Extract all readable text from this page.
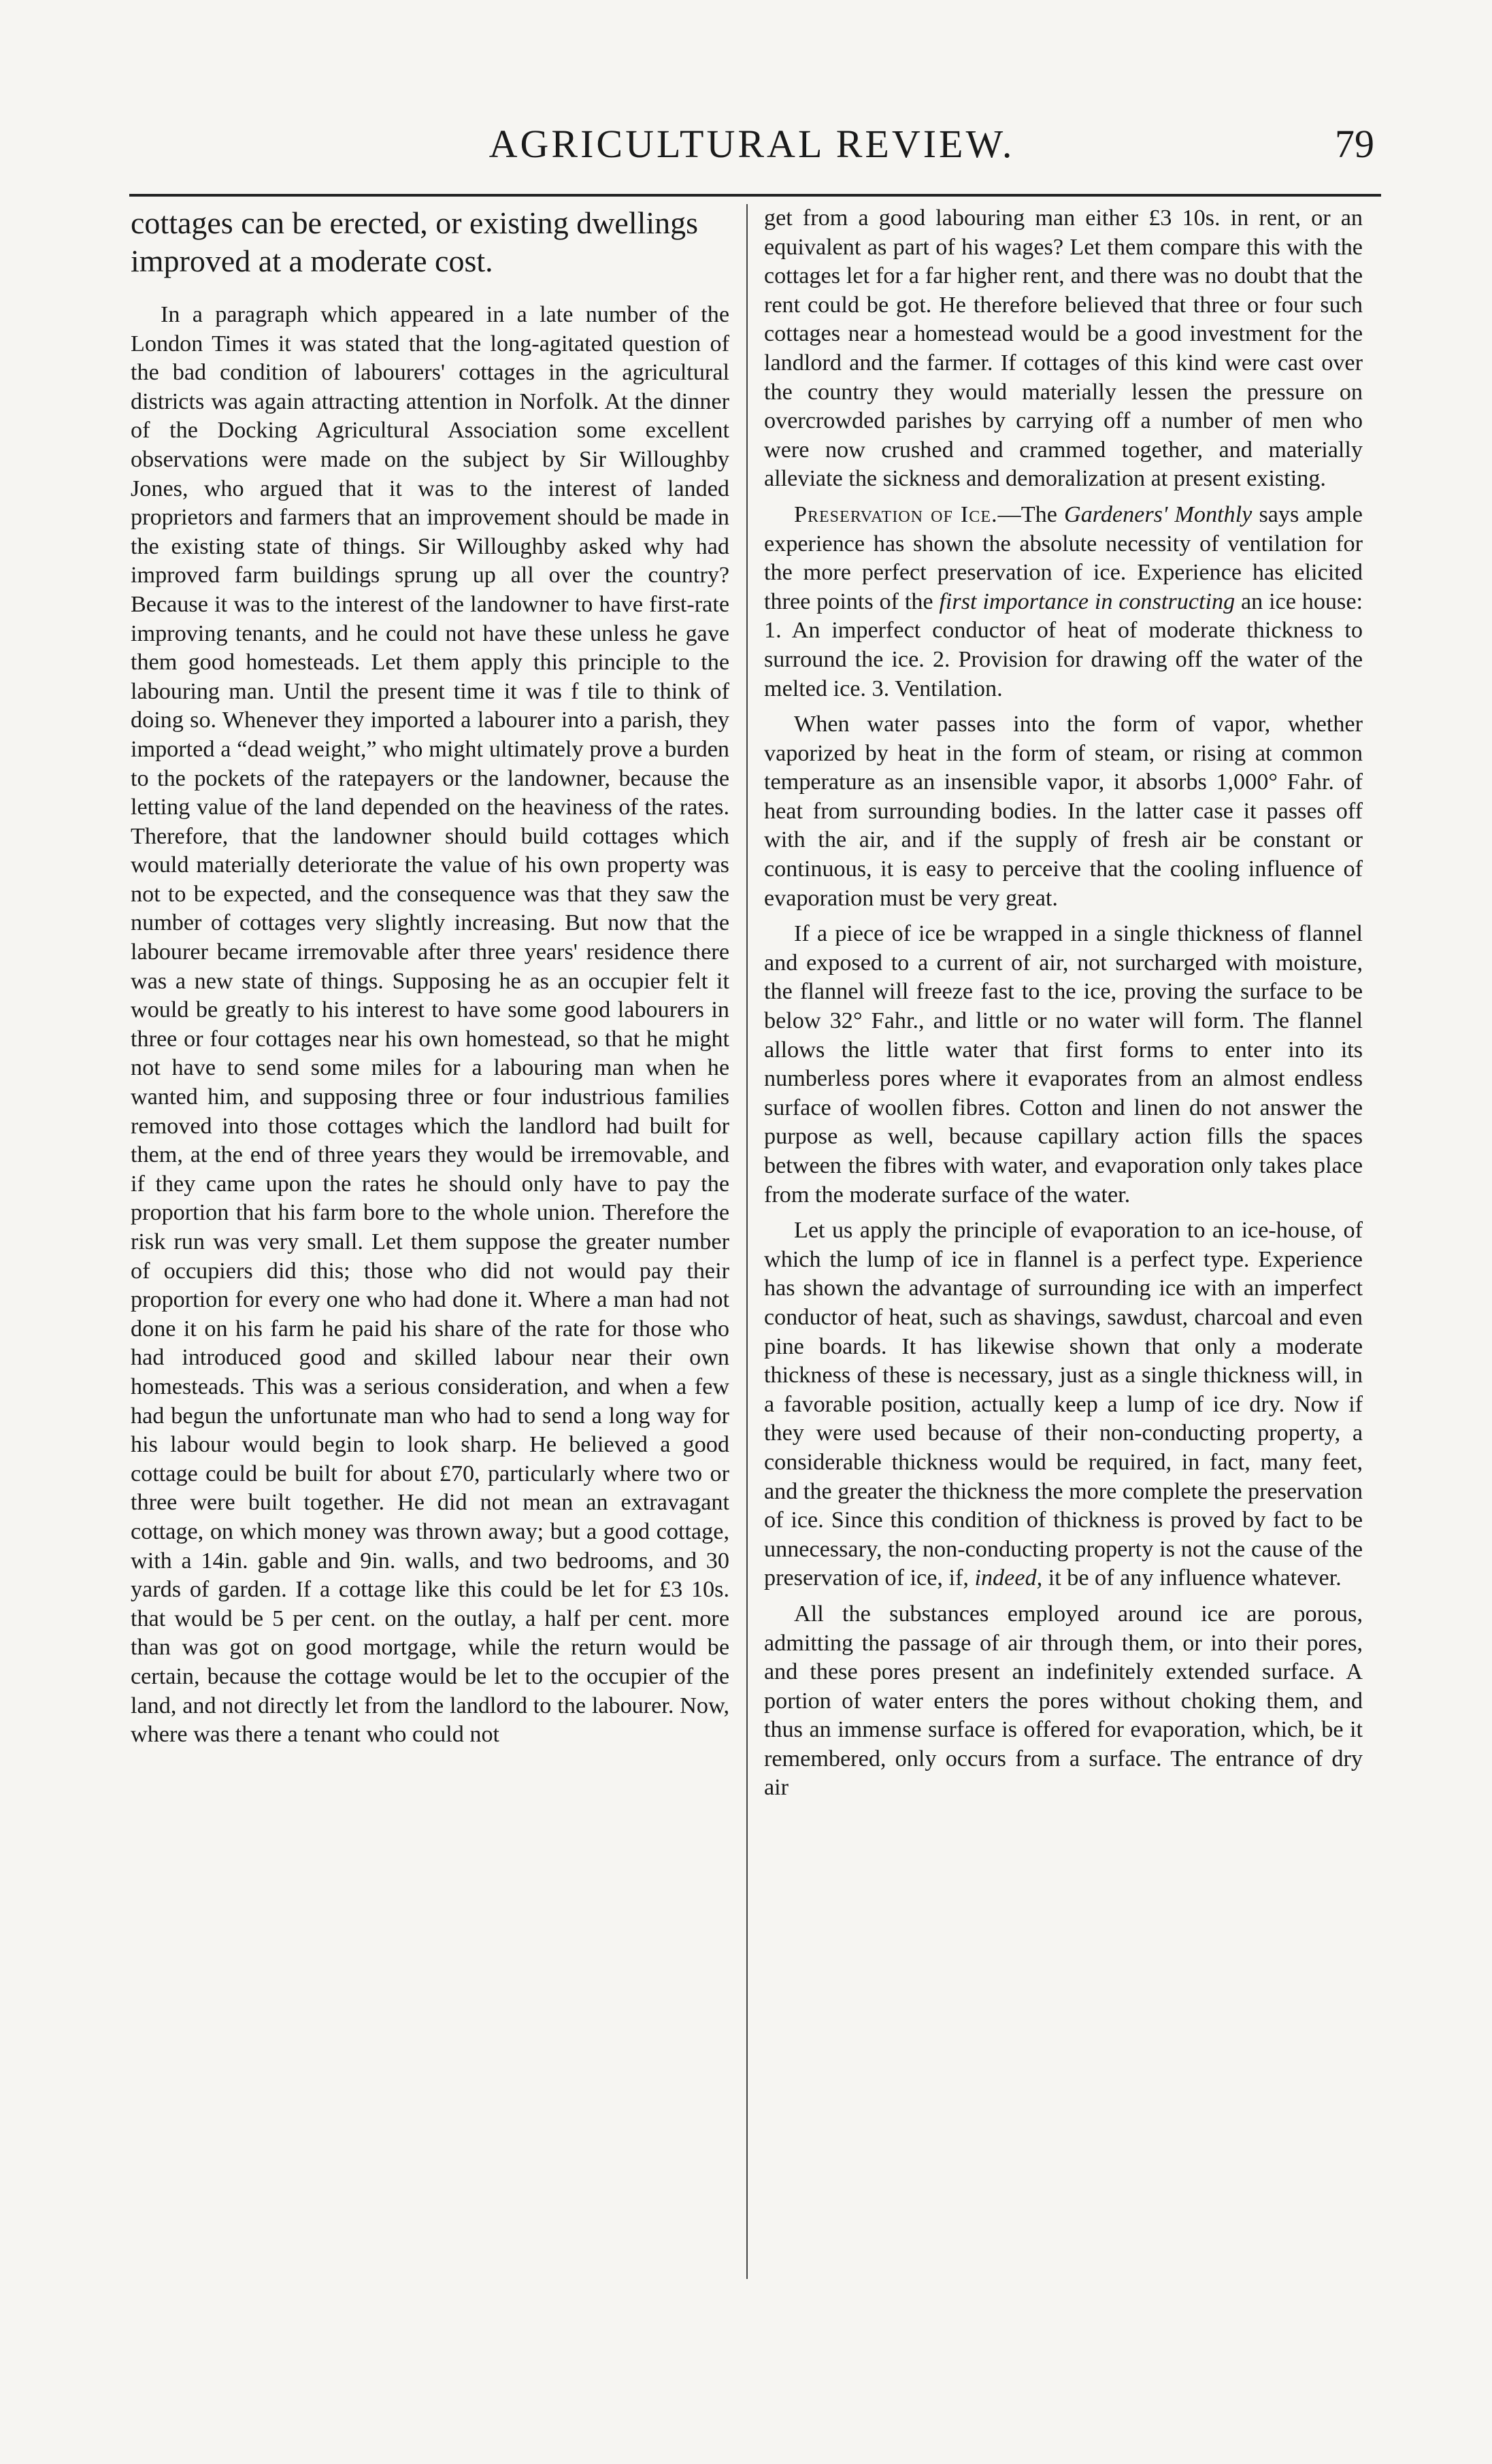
AGRICULTURAL REVIEW.	79

cottages can be erected, or existing dwellings improved at a moderate cost.

In a paragraph which appeared in a late number of the London Times it was stated that the long-agitated question of the bad condition of labourers' cottages in the agricultural districts was again attracting attention in Norfolk. At the dinner of the Docking Agricultural Association some excellent observations were made on the subject by Sir Willoughby Jones, who argued that it was to the interest of landed proprietors and farmers that an improvement should be made in the existing state of things. Sir Willoughby asked why had improved farm buildings sprung up all over the country? Because it was to the interest of the landowner to have first-rate improving tenants, and he could not have these unless he gave them good homesteads. Let them apply this principle to the labouring man. Until the present time it was f tile to think of doing so. Whenever they imported a labourer into a parish, they imported a “dead weight,” who might ultimately prove a burden to the pockets of the ratepayers or the landowner, because the letting value of the land depended on the heaviness of the rates. Therefore, that the landowner should build cottages which would materially deteriorate the value of his own property was not to be expected, and the consequence was that they saw the number of cottages very slightly increasing. But now that the labourer became irremovable after three years' residence there was a new state of things. Supposing he as an occupier felt it would be greatly to his interest to have some good labourers in three or four cottages near his own homestead, so that he might not have to send some miles for a labouring man when he wanted him, and supposing three or four industrious families removed into those cottages which the landlord had built for them, at the end of three years they would be irremovable, and if they came upon the rates he should only have to pay the proportion that his farm bore to the whole union. Therefore the risk run was very small. Let them suppose the greater number of occupiers did this; those who did not would pay their proportion for every one who had done it. Where a man had not done it on his farm he paid his share of the rate for those who had introduced good and skilled labour near their own homesteads. This was a serious consideration, and when a few had begun the unfortunate man who had to send a long way for his labour would begin to look sharp. He believed a good cottage could be built for about £70, particularly where two or three were built together. He did not mean an extravagant cottage, on which money was thrown away; but a good cottage, with a 14in. gable and 9in. walls, and two bedrooms, and 30 yards of garden. If a cottage like this could be let for £3 10s. that would be 5 per cent. on the outlay, a half per cent. more than was got on good mortgage, while the return would be certain, because the cottage would be let to the occupier of the land, and not directly let from the landlord to the labourer. Now, where was there a tenant who could not

get from a good labouring man either £3 10s. in rent, or an equivalent as part of his wages? Let them compare this with the cottages let for a far higher rent, and there was no doubt that the rent could be got. He therefore believed that three or four such cottages near a homestead would be a good investment for the landlord and the farmer. If cottages of this kind were cast over the country they would materially lessen the pressure on overcrowded parishes by carrying off a number of men who were now crushed and crammed together, and materially alleviate the sickness and demoralization at present existing.

Preservation of Ice.—The Gardeners' Monthly says ample experience has shown the absolute necessity of ventilation for the more perfect preservation of ice. Experience has elicited three points of the first importance in constructing an ice house: 1. An imperfect conductor of heat of moderate thickness to surround the ice. 2. Provision for drawing off the water of the melted ice. 3. Ventilation.

When water passes into the form of vapor, whether vaporized by heat in the form of steam, or rising at common temperature as an insensible vapor, it absorbs 1,000° Fahr. of heat from surrounding bodies. In the latter case it passes off with the air, and if the supply of fresh air be constant or continuous, it is easy to perceive that the cooling influence of evaporation must be very great.

If a piece of ice be wrapped in a single thickness of flannel and exposed to a current of air, not surcharged with moisture, the flannel will freeze fast to the ice, proving the surface to be below 32° Fahr., and little or no water will form. The flannel allows the little water that first forms to enter into its numberless pores where it evaporates from an almost endless surface of woollen fibres. Cotton and linen do not answer the purpose as well, because capillary action fills the spaces between the fibres with water, and evaporation only takes place from the moderate surface of the water.

Let us apply the principle of evaporation to an ice-house, of which the lump of ice in flannel is a perfect type. Experience has shown the advantage of surrounding ice with an imperfect conductor of heat, such as shavings, sawdust, charcoal and even pine boards. It has likewise shown that only a moderate thickness of these is necessary, just as a single thickness will, in a favorable position, actually keep a lump of ice dry. Now if they were used because of their non-conducting property, a considerable thickness would be required, in fact, many feet, and the greater the thickness the more complete the preservation of ice. Since this condition of thickness is proved by fact to be unnecessary, the non-conducting property is not the cause of the preservation of ice, if, indeed, it be of any influence whatever.

All the substances employed around ice are porous, admitting the passage of air through them, or into their pores, and these pores present an indefinitely extended surface. A portion of water enters the pores without choking them, and thus an immense surface is offered for evaporation, which, be it remembered, only occurs from a surface. The entrance of dry air
